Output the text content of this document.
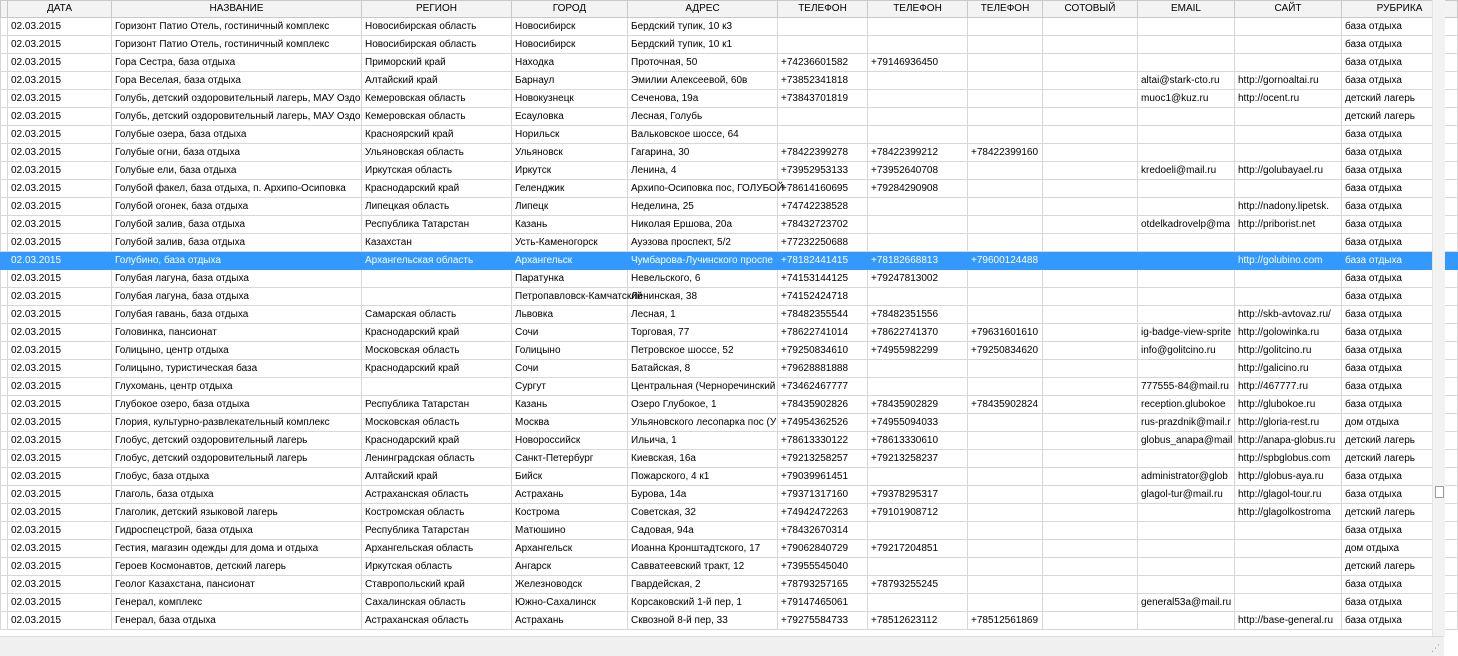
	ДАТА	НАЗВАНИЕ	РЕГИОН	ГОРОД	АДРЕС	ТЕЛЕФОН	ТЕЛЕФОН	ТЕЛЕФОН	СОТОВЫЙ	EMAIL	САЙТ	РУБРИКА
	02.03.2015	Горизонт Патио Отель, гостиничный комплекс	Новосибирская область	Новосибирск	Бердский тупик, 10 к3							база отдыха
	02.03.2015	Горизонт Патио Отель, гостиничный комплекс	Новосибирская область	Новосибирск	Бердский тупик, 10 к1							база отдыха
	02.03.2015	Гора Сестра, база отдыха	Приморский край	Находка	Проточная, 50	+74236601582	+79146936450					база отдыха
	02.03.2015	Гора Веселая, база отдыха	Алтайский край	Барнаул	Эмилии Алексеевой, 60в	+73852341818				altai@stark-cto.ru	http://gornoaltai.ru	база отдыха
	02.03.2015	Голубь, детский оздоровительный лагерь, МАУ Оздо	Кемеровская область	Новокузнецк	Сеченова, 19а	+73843701819				muoc1@kuz.ru	http://ocent.ru	детский лагерь
	02.03.2015	Голубь, детский оздоровительный лагерь, МАУ Оздо	Кемеровская область	Есауловка	Лесная, Голубь							детский лагерь
	02.03.2015	Голубые озера, база отдыха	Красноярский край	Норильск	Вальковское шоссе, 64							база отдыха
	02.03.2015	Голубые огни, база отдыха	Ульяновская область	Ульяновск	Гагарина, 30	+78422399278	+78422399212	+78422399160				база отдыха
	02.03.2015	Голубые ели, база отдыха	Иркутская область	Иркутск	Ленина, 4	+73952953133	+73952640708			kredoeli@mail.ru	http://golubayael.ru	база отдыха
	02.03.2015	Голубой факел, база отдыха, п. Архипо-Осиповка	Краснодарский край	Геленджик	Архипо-Осиповка пос, ГОЛУБОЙ	+78614160695	+79284290908					база отдыха
	02.03.2015	Голубой огонек, база отдыха	Липецкая область	Липецк	Неделина, 25	+74742238528					http://nadony.lipetsk.	база отдыха
	02.03.2015	Голубой залив, база отдыха	Республика Татарстан	Казань	Николая Ершова, 20а	+78432723702				otdelkadrovelp@ma	http://priborist.net	база отдыха
	02.03.2015	Голубой залив, база отдыха	Казахстан	Усть-Каменогорск	Ауэзова проспект, 5/2	+77232250688						база отдыха
	02.03.2015	Голубино, база отдыха	Архангельская область	Архангельск	Чумбарова-Лучинского проспе	+78182441415	+78182668813	+79600124488			http://golubino.com	база отдыха
	02.03.2015	Голубая лагуна, база отдыха		Паратунка	Невельского, 6	+74153144125	+79247813002					база отдыха
	02.03.2015	Голубая лагуна, база отдыха		Петропавловск-Камчатский	Ленинская, 38	+74152424718						база отдыха
	02.03.2015	Голубая гавань, база отдыха	Самарская область	Львовка	Лесная, 1	+78482355544	+78482351556				http://skb-avtovaz.ru/	база отдыха
	02.03.2015	Головинка, пансионат	Краснодарский край	Сочи	Торговая, 77	+78622741014	+78622741370	+79631601610		ig-badge-view-sprite	http://golowinka.ru	база отдыха
	02.03.2015	Голицыно, центр отдыха	Московская область	Голицыно	Петровское шоссе, 52	+79250834610	+74955982299	+79250834620		info@golitcino.ru	http://golitcino.ru	база отдыха
	02.03.2015	Голицыно, туристическая база	Краснодарский край	Сочи	Батайская, 8	+79628881888					http://galicino.ru	база отдыха
	02.03.2015	Глухомань, центр отдыха		Сургут	Центральная (Черноречинский	+73462467777				777555-84@mail.ru	http://467777.ru	база отдыха
	02.03.2015	Глубокое озеро, база отдыха	Республика Татарстан	Казань	Озеро Глубокое, 1	+78435902826	+78435902829	+78435902824		reception.glubokoe	http://glubokoe.ru	база отдыха
	02.03.2015	Глория, культурно-развлекательный комплекс	Московская область	Москва	Ульяновского лесопарка пос (У	+74954362526	+74955094033			rus-prazdnik@mail.r	http://gloria-rest.ru	дом отдыха
	02.03.2015	Глобус, детский оздоровительный лагерь	Краснодарский край	Новороссийск	Ильича, 1	+78613330122	+78613330610			globus_anapa@mail	http://anapa-globus.ru	детский лагерь
	02.03.2015	Глобус, детский оздоровительный лагерь	Ленинградская область	Санкт-Петербург	Киевская, 16а	+79213258257	+79213258237				http://spbglobus.com	детский лагерь
	02.03.2015	Глобус, база отдыха	Алтайский край	Бийск	Пожарского, 4 к1	+79039961451				administrator@glob	http://globus-aya.ru	база отдыха
	02.03.2015	Глаголь, база отдыха	Астраханская область	Астрахань	Бурова, 14а	+79371317160	+79378295317			glagol-tur@mail.ru	http://glagol-tour.ru	база отдыха
	02.03.2015	Глаголик, детский языковой лагерь	Костромская область	Кострома	Советская, 32	+74942472263	+79101908712				http://glagolkostroma	детский лагерь
	02.03.2015	Гидроспецстрой, база отдыха	Республика Татарстан	Матюшино	Садовая, 94а	+78432670314						база отдыха
	02.03.2015	Гестия, магазин одежды для дома и отдыха	Архангельская область	Архангельск	Иоанна Кронштадтского, 17	+79062840729	+79217204851					дом отдыха
	02.03.2015	Героев Космонавтов, детский лагерь	Иркутская область	Ангарск	Савватеевский тракт, 12	+73955545040						детский лагерь
	02.03.2015	Геолог Казахстана, пансионат	Ставропольский край	Железноводск	Гвардейская, 2	+78793257165	+78793255245					база отдыха
	02.03.2015	Генерал, комплекс	Сахалинская область	Южно-Сахалинск	Корсаковский 1-й пер, 1	+79147465061				general53a@mail.ru		база отдыха
	02.03.2015	Генерал, база отдыха	Астраханская область	Астрахань	Сквозной 8-й пер, 33	+79275584733	+78512623112	+78512561869			http://base-general.ru	база отдыха
⋰
